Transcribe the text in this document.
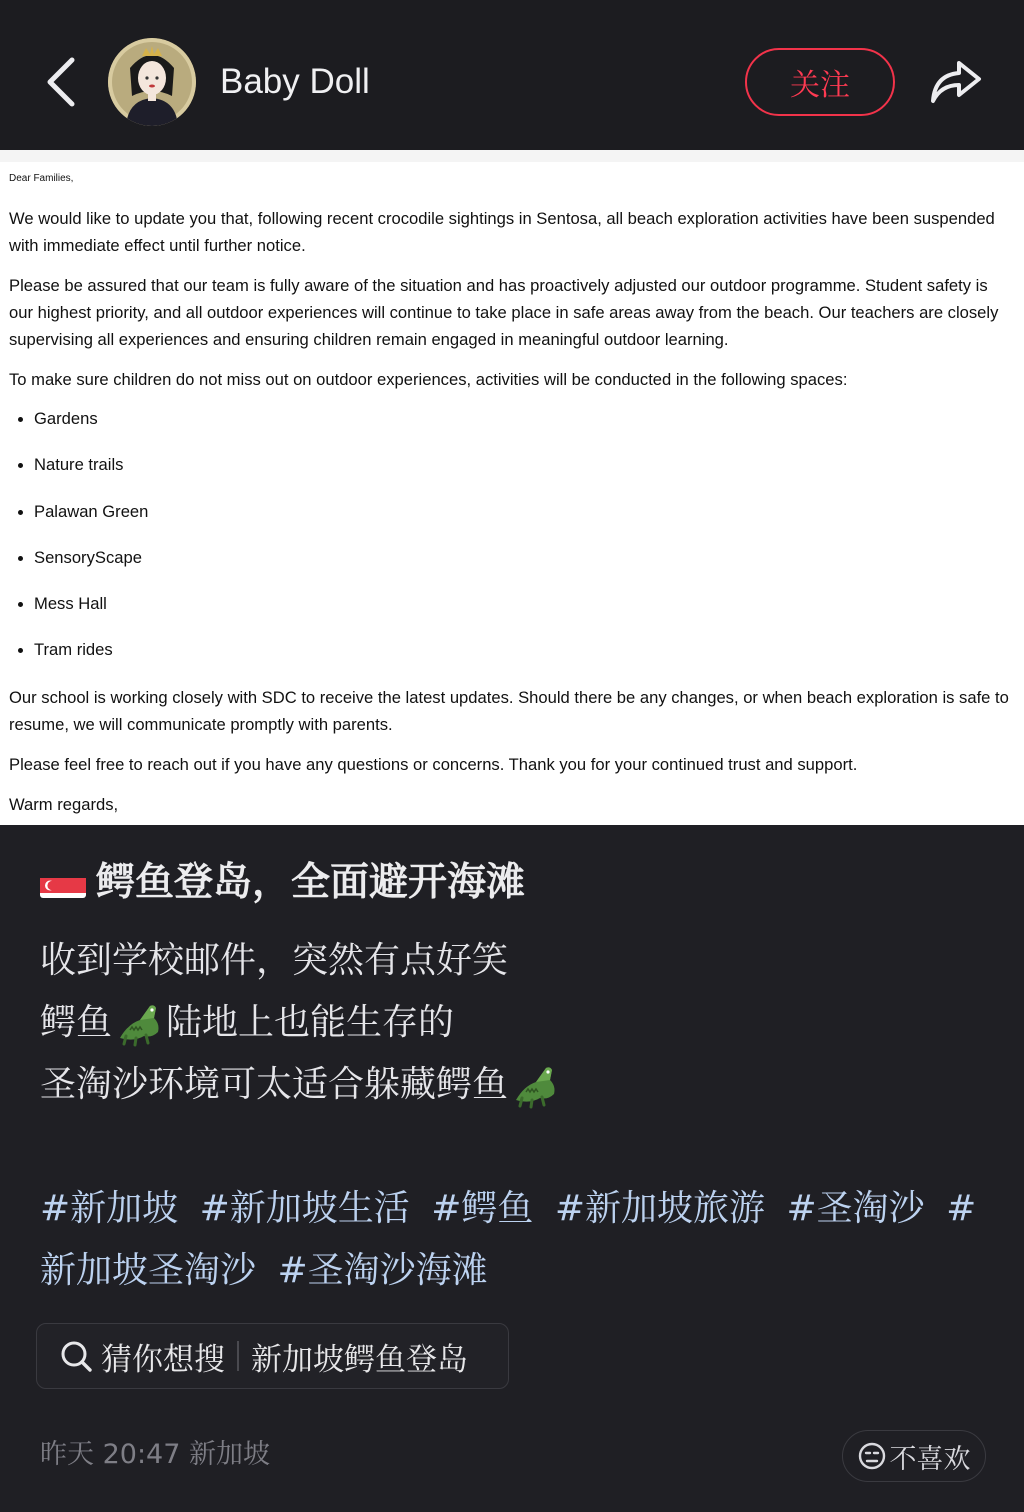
Baby Doll	关注
Dear Families,

We would like to update you that, following recent crocodile sightings in Sentosa, all beach exploration activities have been suspended with immediate effect until further notice.

Please be assured that our team is fully aware of the situation and has proactively adjusted our outdoor programme. Student safety is our highest priority, and all outdoor experiences will continue to take place in safe areas away from the beach. Our teachers are closely supervising all experiences and ensuring children remain engaged in meaningful outdoor learning.

To make sure children do not miss out on outdoor experiences, activities will be conducted in the following spaces:

Gardens
Nature trails
Palawan Green
SensoryScape
Mess Hall
Tram rides

Our school is working closely with SDC to receive the latest updates. Should there be any changes, or when beach exploration is safe to resume, we will communicate promptly with parents.

Please feel free to reach out if you have any questions or concerns. Thank you for your continued trust and support.

Warm regards,

鳄鱼登岛，全面避开海滩
收到学校邮件，突然有点好笑
鳄鱼 陆地上也能生存的
圣淘沙环境可太适合躲藏鳄鱼
#新加坡 #新加坡生活 #鳄鱼 #新加坡旅游 #圣淘沙 #新加坡圣淘沙 #圣淘沙海滩
猜你想搜 新加坡鳄鱼登岛
昨天 20:47 新加坡	不喜欢
